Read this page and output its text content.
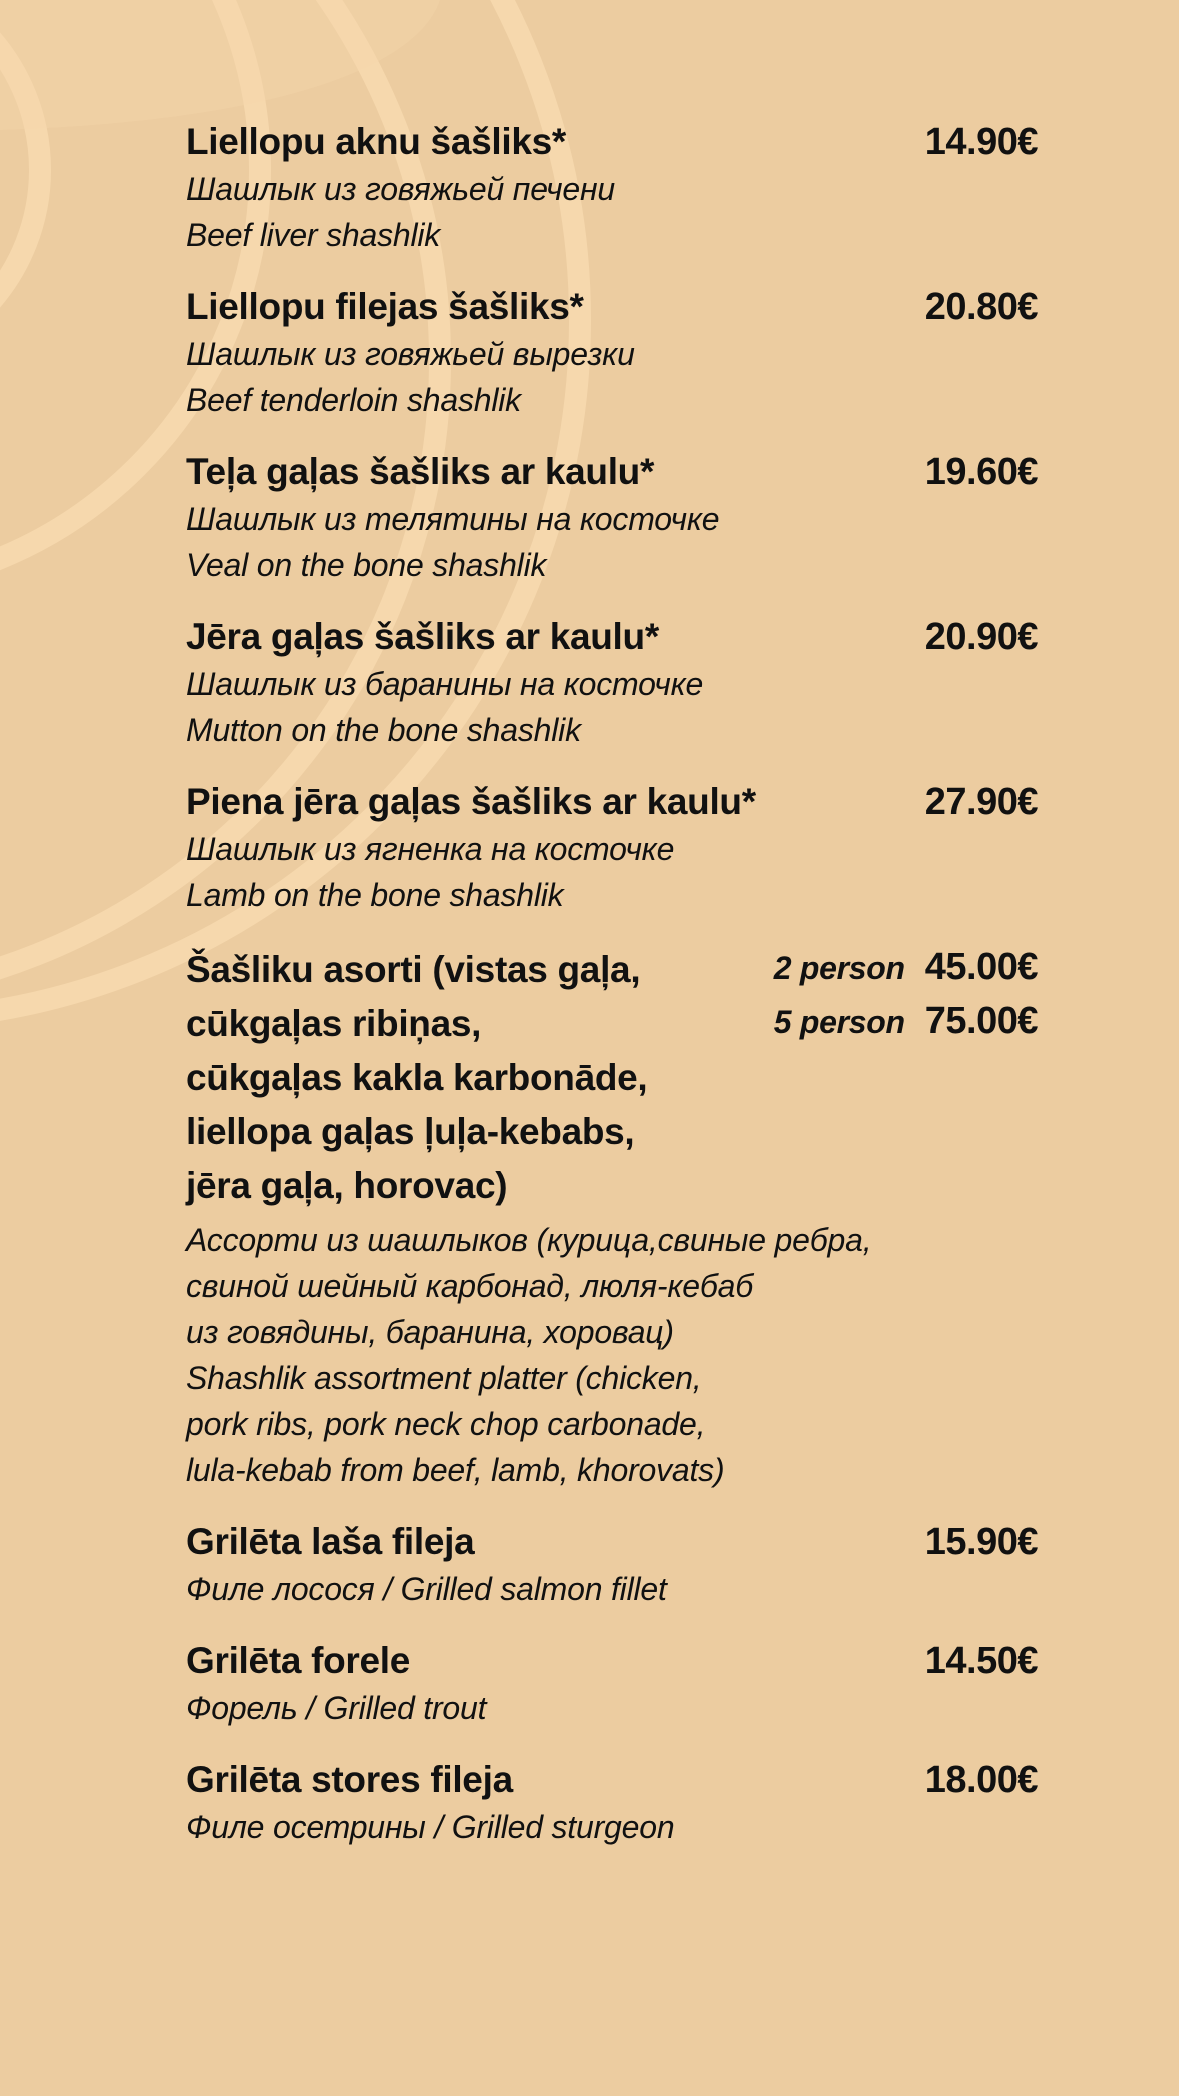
Liellopu aknu šašliks*	14.90€
Шашлык из говяжьей печени
Beef liver shashlik
Liellopu filejas šašliks*	20.80€
Шашлык из говяжьей вырезки
Beef tenderloin shashlik
Teļa gaļas šašliks ar kaulu*	19.60€
Шашлык из телятины на косточке
Veal on the bone shashlik
Jēra gaļas šašliks ar kaulu*	20.90€
Шашлык из баранины на косточке
Mutton on the bone shashlik
Piena jēra gaļas šašliks ar kaulu*	27.90€
Шашлык из ягненка на косточке
Lamb on the bone shashlik
Šašliku asorti (vistas gaļa,
cūkgaļas ribiņas,
cūkgaļas kakla karbonāde,
liellopa gaļas ļuļa-kebabs,
jēra gaļa, horovac)
2 person 45.00€
5 person 75.00€
Ассорти из шашлыков (курица,свиные ребра,
свиной шейный карбонад, люля-кебаб
из говядины, баранина, хоровац)
Shashlik assortment platter (chicken,
pork ribs, pork neck chop carbonade,
lula-kebab from beef, lamb, khorovats)
Grilēta laša fileja	15.90€
Филе лосося / Grilled salmon fillet
Grilēta forele	14.50€
Форель / Grilled trout
Grilēta stores fileja	18.00€
Филе осетрины / Grilled sturgeon
